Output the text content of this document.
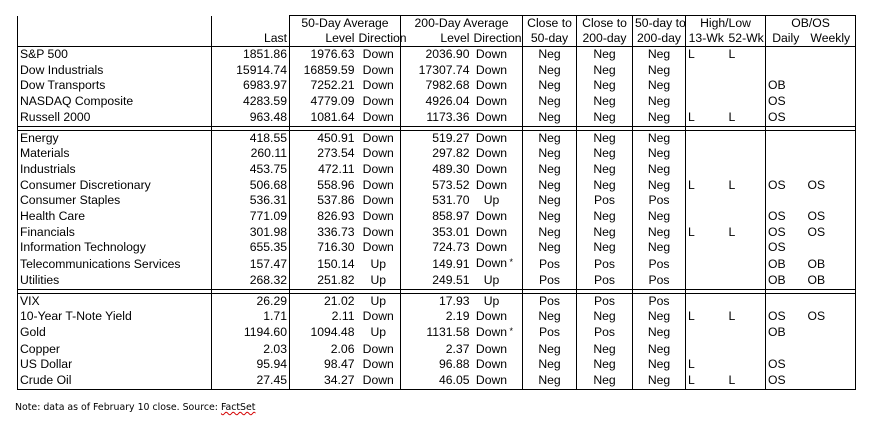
		50-Day Average		200-Day Average		Close to	Close to	50-day to	High/Low		OB/OS	
	Last	Level	Direction	Level	Direction	50-day	200-day	200-day	13-Wk	52-Wk	Daily	Weekly
S&P 500	1851.86	1976.63	Down	2036.90	Down	Neg	Neg	Neg	L	L		
Dow Industrials	15914.74	16859.59	Down	17307.74	Down	Neg	Neg	Neg				
Dow Transports	6983.97	7252.21	Down	7982.68	Down	Neg	Neg	Neg			OB	
NASDAQ Composite	4283.59	4779.09	Down	4926.04	Down	Neg	Neg	Neg			OS	
Russell 2000	963.48	1081.64	Down	1173.36	Down	Neg	Neg	Neg	L	L	OS	

Energy	418.55	450.91	Down	519.27	Down	Neg	Neg	Neg				
Materials	260.11	273.54	Down	297.82	Down	Neg	Neg	Neg				
Industrials	453.75	472.11	Down	489.30	Down	Neg	Neg	Neg				
Consumer Discretionary	506.68	558.96	Down	573.52	Down	Neg	Neg	Neg	L	L	OS	OS
Consumer Staples	536.31	537.86	Down	531.70	Up	Neg	Pos	Pos				
Health Care	771.09	826.93	Down	858.97	Down	Neg	Neg	Neg			OS	OS
Financials	301.98	336.73	Down	353.01	Down	Neg	Neg	Neg	L	L	OS	OS
Information Technology	655.35	716.30	Down	724.73	Down	Neg	Neg	Neg			OS	
Telecommunications Services	157.47	150.14	Up	149.91	Down *	Pos	Pos	Pos			OB	OB
Utilities	268.32	251.82	Up	249.51	Up	Pos	Pos	Pos			OB	OB

VIX	26.29	21.02	Up	17.93	Up	Pos	Pos	Pos				
10-Year T-Note Yield	1.71	2.11	Down	2.19	Down	Neg	Neg	Neg	L	L	OS	OS
Gold	1194.60	1094.48	Up	1131.58	Down *	Pos	Pos	Neg			OB	
Copper	2.03	2.06	Down	2.37	Down	Neg	Neg	Neg				
US Dollar	95.94	98.47	Down	96.88	Down	Neg	Neg	Neg	L		OS	
Crude Oil	27.45	34.27	Down	46.05	Down	Neg	Neg	Neg	L	L	OS	
Note: data as of February 10 close. Source: FactSet
